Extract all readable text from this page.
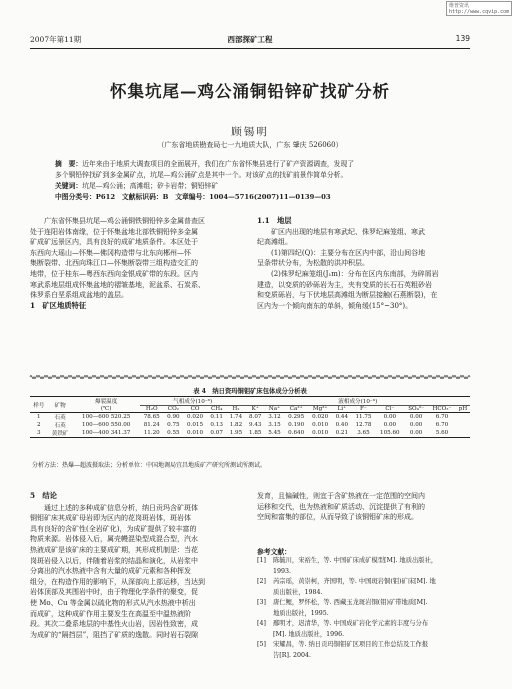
维普资讯 http://www.cqvip.com
2007年第11期	西部探矿工程	139
怀集坑尾—鸡公涌铜铅锌矿找矿分析
顾锡明
（广东省地质勘查局七一九地质大队，广东 肇庆 526060）
摘　要：近年来由于地质大调查项目的全面展开，我们在广东省怀集县进行了矿产资源调查，发现了
多个铜铅锌找矿到多金属矿点，坑尾—鸡公涌矿点是其中一个。对该矿点的找矿前景作简单分析。
关键词：坑尾—鸡公涌；高滩组；矽卡岩带；铜铅锌矿
中图分类号：P612　文献标识码：B　文章编号：1004—5716(2007)11—0139—03
广东省怀集县坑尾—鸡公涌铜铁铜铅锌多金属普查区
处于连阳岩体南缘，位于怀集盆地北部铁铜铅锌多金属
矿成矿远景区内，具有良好的成矿地质条件。本区处于
东西向大瑶山—怀集—佛冈构造带与北东向郴州—怀
集断裂带、北西向珠江口—怀集断裂带三组构造交汇的
地带，位于桂东—粤西东西向金银成矿带的东段。区内
寒武系地层组成怀集盆地的褶皱基地，泥盆系、石炭系、
侏罗系白垩系组成盆地的盖层。
1　矿区地质特征
1.1　地层
矿区内出现的地层有寒武纪、侏罗纪麻笼组、寒武
纪高滩组。
(1)第四纪(Q)：主要分布在区内中部，沿山间谷地
呈条带状分布，为松散的洪冲积层。
(2)侏罗纪麻笼组(J₁m)：分布在区内东南部，为碎屑岩
建造，以变质的砂砾岩为主，夹有变质的长石石英粗砂岩
和变质砾岩，与下伏地层高滩组为断层接触(石燕断裂)，在
区内为一个倾向南东的单斜，倾角缓(15°~30°)。
表 4　纳日资玛铜钼矿床包体成分分析表
样号	矿物	爆裂温度	气相成分(10⁻⁶)					液相成分(10⁻⁶)									
		(℃)	H₂O	CO₂	CO	CH₄	H₂	K⁺	Na⁺	Ca²⁺	Mg²⁺	Li⁺	F⁻	Cl⁻	SO₄²⁻	HCO₃⁻	pH
1	石英	100—600 520.25	78.65	0.90	0.020	0.11	1.74	8.07	3.12	0.295	0.020	0.44	11.75	0.00	0.00	6.70	
2	石英	100—600 550.00	81.24	0.75	0.015	0.13	1.82	9.43	3.15	0.190	0.010	0.40	12.78	0.00	0.00	6.70	
3	黄铁矿	100—400 341.37	11.20	0.55	0.010	0.07	1.95	1.85	5.45	0.640	0.010	0.21	3.65	105.60	0.00	5.60	
分析方法：热爆—超波摄取法；分析单位：中国地调局宜昌地质矿产研究所测试所测试。
5　结论
通过上述的多种成矿信息分析，纳日贡玛含矿斑体
铜钼矿床其成矿母岩即为区内的花岗斑岩体，斑岩体
具有良好的含矿性(全岩矿化)，为成矿提供了较丰富的
物质来源。岩体侵入后，属壳幔混染型成混合型，汽水
热液成矿是该矿床的主要成矿期，其形成机制是：当花
岗斑岩侵入以后，伴随着岩浆的结晶和演化，从岩浆中
分离出的汽水热液中含有大量的成矿元素和各种挥发
组分，在构造作用的影响下，从深部向上部运移，当达到
岩体顶部及其围岩中时，由于物理化学条件的聚变，促
使 Mo、Cu 等金属以硫化物的形式从汽水热液中析出
而成矿，这种成矿作用主要发生在高温至中温热液阶
段。其次二叠系地层的中基性火山岩，因岩性致密，成
为成矿的“隔挡层”，阻挡了矿质的逸散。同时岩石裂隙
发育，且偏碱性，则宜于含矿热液在一定范围的空间内
运移和交代，也为热液和矿质活动、沉淀提供了有利的
空间和富集的部位，从而导致了该铜钼矿床的形成。
参考文献：
[1] 陈毓川，宋裕生，等. 中国矿床成矿模型[M]. 地质出版社，
1993.
[2] 芮宗瑶，黄崇柯，齐国明，等. 中国斑岩铜(钼)矿床[M]. 地
质出版社，1984.
[3] 唐仁鲤，罗怀松，等. 西藏玉龙斑岩铜(钼)矿带地质[M].
地质出版社，1995.
[4] 鄢明才，迟清华，等. 中国成矿岩化学元素的丰度与分布
[M]. 地质出版社，1996.
[5] 宋耀昌，等. 纳日贡玛铜钼矿区项目的工作总结及工作报
告[R]. 2004.
